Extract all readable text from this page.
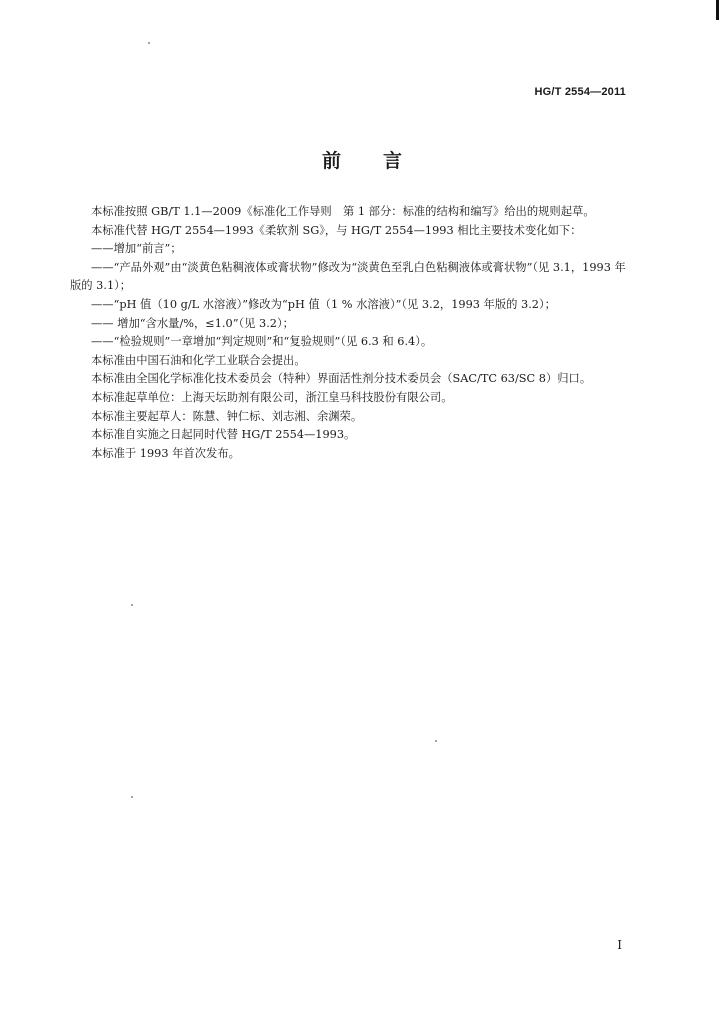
HG/T 2554—2011
前言

本标准按照 GB/T 1.1—2009《标准化工作导则　第 1 部分：标准的结构和编写》给出的规则起草。

本标准代替 HG/T 2554—1993《柔软剂 SG》，与 HG/T 2554—1993 相比主要技术变化如下：

——增加“前言”；

——“产品外观”由“淡黄色粘稠液体或膏状物”修改为“淡黄色至乳白色粘稠液体或膏状物”（见 3.1，1993 年版的 3.1）；

——“pH 值（10 g/L 水溶液）”修改为“pH 值（1 % 水溶液）”（见 3.2，1993 年版的 3.2）；

—— 增加“含水量/%，≤1.0”（见 3.2）；

——“检验规则”一章增加“判定规则”和“复验规则”（见 6.3 和 6.4）。

本标准由中国石油和化学工业联合会提出。

本标准由全国化学标准化技术委员会（特种）界面活性剂分技术委员会（SAC/TC 63/SC 8）归口。

本标准起草单位：上海天坛助剂有限公司，浙江皇马科技股份有限公司。

本标准主要起草人：陈慧、钟仁标、刘志湘、余渊荣。

本标准自实施之日起同时代替 HG/T 2554—1993。

本标准于 1993 年首次发布。

I
